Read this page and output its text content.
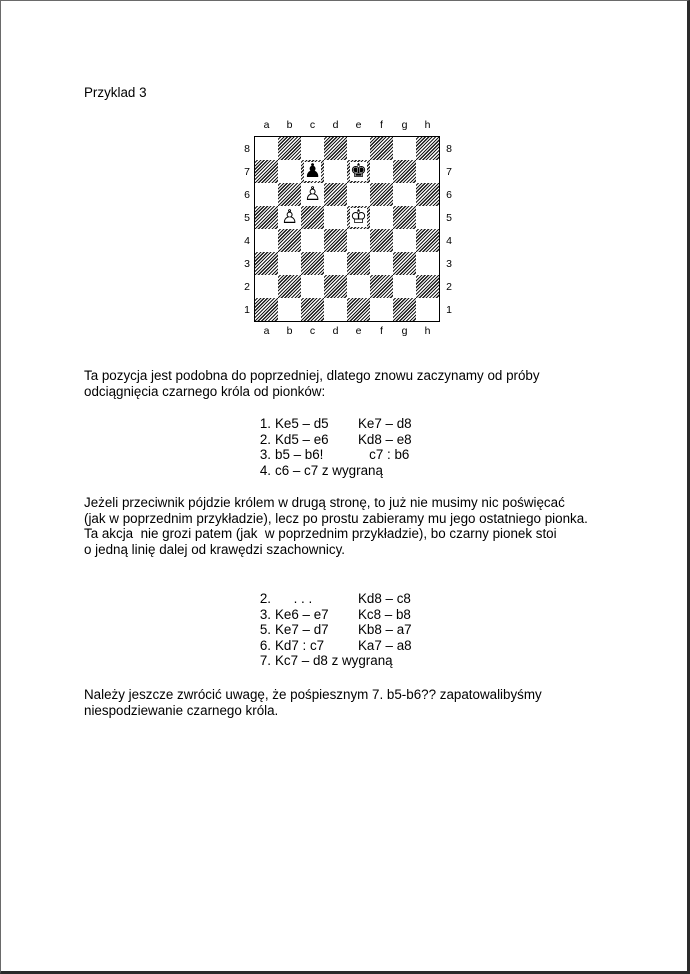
Przyklad 3
a	b	c	d	e	f	g	h
a	b	c	d	e	f	g	h
8
7
6
5
4
3
2
1
8
7
6
5
4
3
2
1
♟ ♚
♙
♙	♔
Ta pozycja jest podobna do poprzedniej, dlatego znowu zaczynamy od próby
odciągnięcia czarnego króla od pionków:
1. Ke5 – d5 Ke7 – d8
2. Kd5 – e6 Kd8 – e8
3. b5 – b6!	c7 : b6
4. c6 – c7 z wygraną
Jeżeli przeciwnik pójdzie królem w drugą stronę, to już nie musimy nic poświęcać
(jak w poprzednim przykładzie), lecz po prostu zabieramy mu jego ostatniego pionka.
Ta akcja  nie grozi patem (jak  w poprzednim przykładzie), bo czarny pionek stoi
o jedną linię dalej od krawędzi szachownicy.
2. . . .	Kd8 – c8
3. Ke6 – e7 Kc8 – b8
5. Ke7 – d7 Kb8 – a7
6. Kd7 : c7	Ka7 – a8
7. Kc7 – d8 z wygraną
Należy jeszcze zwrócić uwagę, że pośpiesznym 7. b5-b6?? zapatowalibyśmy
niespodziewanie czarnego króla.
